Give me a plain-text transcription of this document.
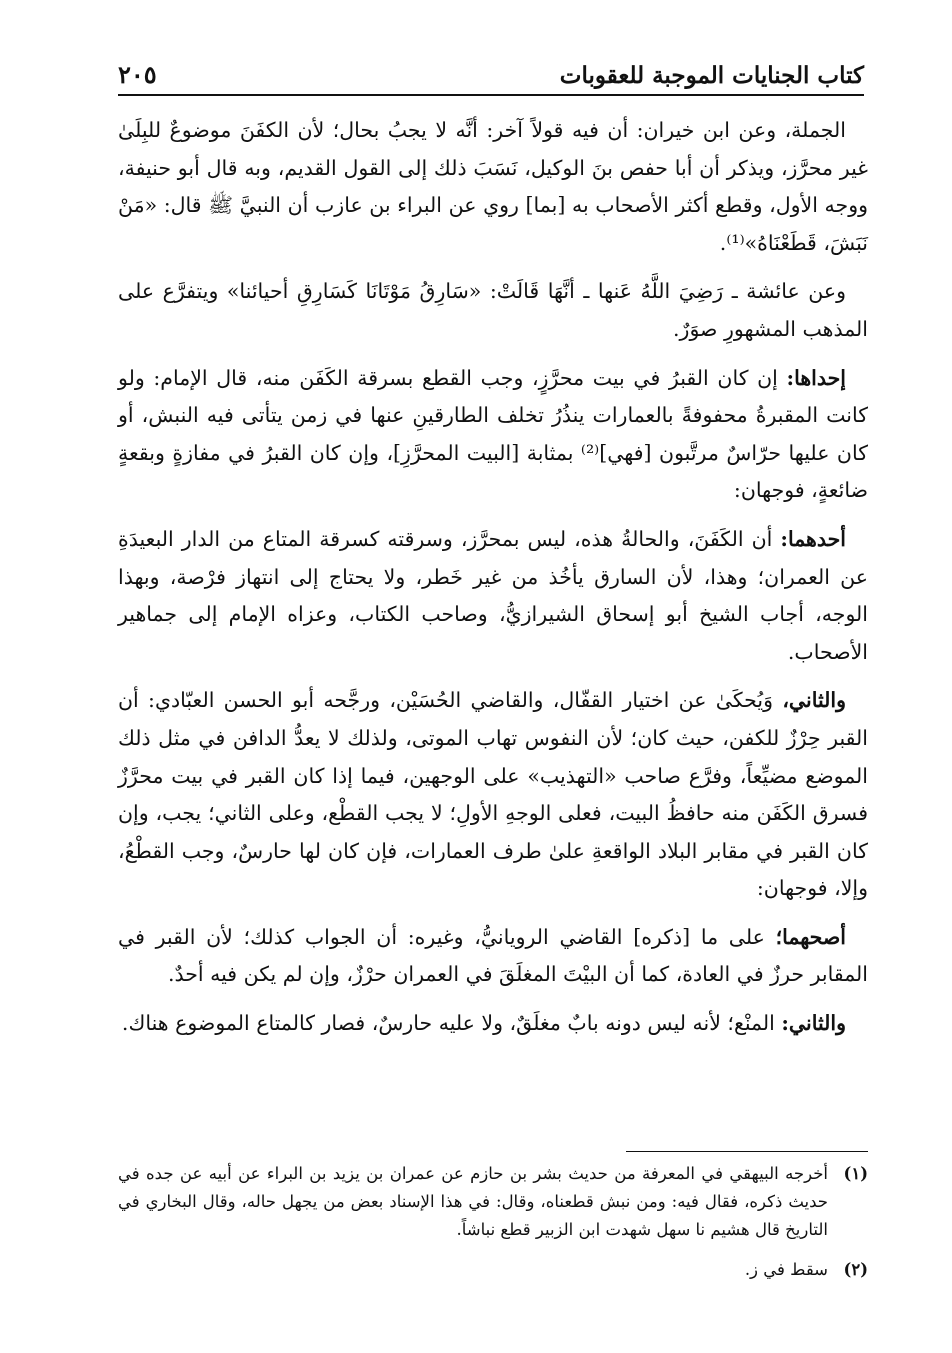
كتاب الجنايات الموجبة للعقوبات
٢٠٥

الجملة، وعن ابن خيران: أن فيه قولاً آخر: أنَّه لا يجبُ بحال؛ لأن الكفَنَ موضوعٌ للبِلَىٰ غير محرَّز، ويذكر أن أبا حفص بنَ الوكيل، نَسَبَ ذلك إلى القول القديم، وبه قال أبو حنيفة، ووجه الأول، وقطع أكثر الأصحاب به [بما] روي عن البراء بن عازب أن النبيَّ ﷺ قال: «مَنْ نَبَشَ، قَطَعْنَاهُ»⁽¹⁾.

وعن عائشة ـ رَضِيَ اللَّهُ عَنها ـ أنَّهَا قَالَتْ: «سَارِقُ مَوْتَانَا كَسَارِقِ أحيائنا» ويتفرَّع على المذهب المشهورِ صوَرٌ.

إحداها: إن كان القبرُ في بيت محرَّزٍ، وجب القطع بسرقة الكَفَن منه، قال الإمام: ولو كانت المقبرةُ محفوفةً بالعمارات ينذُرُ تخلف الطارقينِ عنها في زمن يتأتى فيه النبش، أو كان عليها حرّاسٌ مرتَّبون [فهي]⁽²⁾ بمثابة [البيت المحرَّزِ]، وإن كان القبرُ في مفازةٍ وبقعةٍ ضائعةٍ، فوجهان:

أحدهما: أن الكَفَنَ، والحالةُ هذه، ليس بمحرَّز، وسرقته كسرقة المتاع من الدار البعيدَةِ عن العمران؛ وهذا، لأن السارق يأخُذ من غير خَطر، ولا يحتاج إلى انتهاز فرْصة، وبهذا الوجه، أجاب الشيخ أبو إسحاق الشيرازيُّ، وصاحب الكتاب، وعزاه الإمام إلى جماهير الأصحاب.

والثاني، وَيُحكَىٰ عن اختيار القفّال، والقاضي الحُسَيْن، ورجَّحه أبو الحسن العبّادي: أن القبر حِرْزٌ للكفن، حيث كان؛ لأن النفوس تهاب الموتى، ولذلك لا يعدُّ الدافن في مثل ذلك الموضع مضيِّعاً، وفرَّع صاحب «التهذيب» على الوجهين، فيما إذا كان القبر في بيت محرَّزٌ فسرق الكَفَن منه حافظُ البيت، فعلى الوجهِ الأولِ؛ لا يجب القطْع، وعلى الثاني؛ يجب، وإن كان القبر في مقابر البلاد الواقعةِ علىٰ طرف العمارات، فإن كان لها حارسٌ، وجب القطْعُ، وإلا، فوجهان:

أصحهما؛ على ما [ذكره] القاضي الرويانيُّ، وغيره: أن الجواب كذلك؛ لأن القبر في المقابر حرزٌ في العادة، كما أن البيْتَ المغلَقَ في العمران حرْزٌ، وإن لم يكن فيه أحدٌ.

والثاني: المنْع؛ لأنه ليس دونه بابٌ مغلَقٌ، ولا عليه حارسٌ، فصار كالمتاع الموضوع هناك.

(١)
أخرجه البيهقي في المعرفة من حديث بشر بن حازم عن عمران بن يزيد بن البراء عن أبيه عن جده في حديث ذكره، فقال فيه: ومن نبش قطعناه، وقال: في هذا الإسناد بعض من يجهل حاله، وقال البخاري في التاريخ قال هشيم نا سهل شهدت ابن الزبير قطع نباشاً.
(٢)
سقط في ز.
